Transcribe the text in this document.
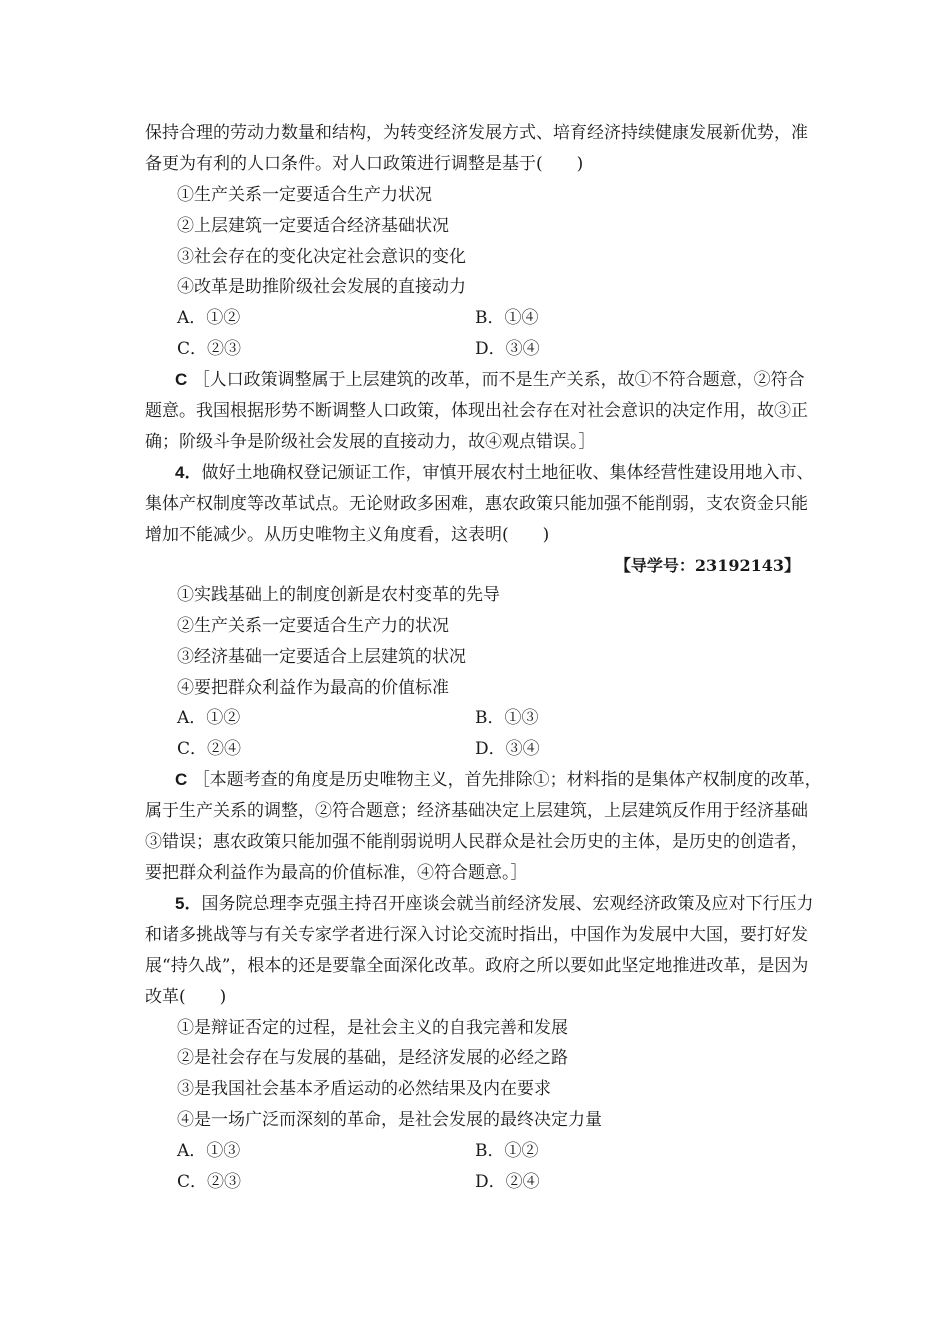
保持合理的劳动力数量和结构，为转变经济发展方式、培育经济持续健康发展新优势，准
备更为有利的人口条件。对人口政策进行调整是基于(　　)
①生产关系一定要适合生产力状况
②上层建筑一定要适合经济基础状况
③社会存在的变化决定社会意识的变化
④改革是助推阶级社会发展的直接动力
A．①②	B．①④
C．②③	D．③④
C ［人口政策调整属于上层建筑的改革，而不是生产关系，故①不符合题意，②符合
题意。我国根据形势不断调整人口政策，体现出社会存在对社会意识的决定作用，故③正
确；阶级斗争是阶级社会发展的直接动力，故④观点错误。］
4．做好土地确权登记颁证工作，审慎开展农村土地征收、集体经营性建设用地入市、
集体产权制度等改革试点。无论财政多困难，惠农政策只能加强不能削弱，支农资金只能
增加不能减少。从历史唯物主义角度看，这表明(　　)
【导学号：23192143】
①实践基础上的制度创新是农村变革的先导
②生产关系一定要适合生产力的状况
③经济基础一定要适合上层建筑的状况
④要把群众利益作为最高的价值标准
A．①②	B．①③
C．②④	D．③④
C ［本题考查的角度是历史唯物主义，首先排除①；材料指的是集体产权制度的改革，
属于生产关系的调整，②符合题意；经济基础决定上层建筑，上层建筑反作用于经济基础
③错误；惠农政策只能加强不能削弱说明人民群众是社会历史的主体，是历史的创造者，
要把群众利益作为最高的价值标准，④符合题意。］
5．国务院总理李克强主持召开座谈会就当前经济发展、宏观经济政策及应对下行压力
和诸多挑战等与有关专家学者进行深入讨论交流时指出，中国作为发展中大国，要打好发
展“持久战”，根本的还是要靠全面深化改革。政府之所以要如此坚定地推进改革，是因为
改革(　　)
①是辩证否定的过程，是社会主义的自我完善和发展
②是社会存在与发展的基础，是经济发展的必经之路
③是我国社会基本矛盾运动的必然结果及内在要求
④是一场广泛而深刻的革命，是社会发展的最终决定力量
A．①③	B．①②
C．②③	D．②④
